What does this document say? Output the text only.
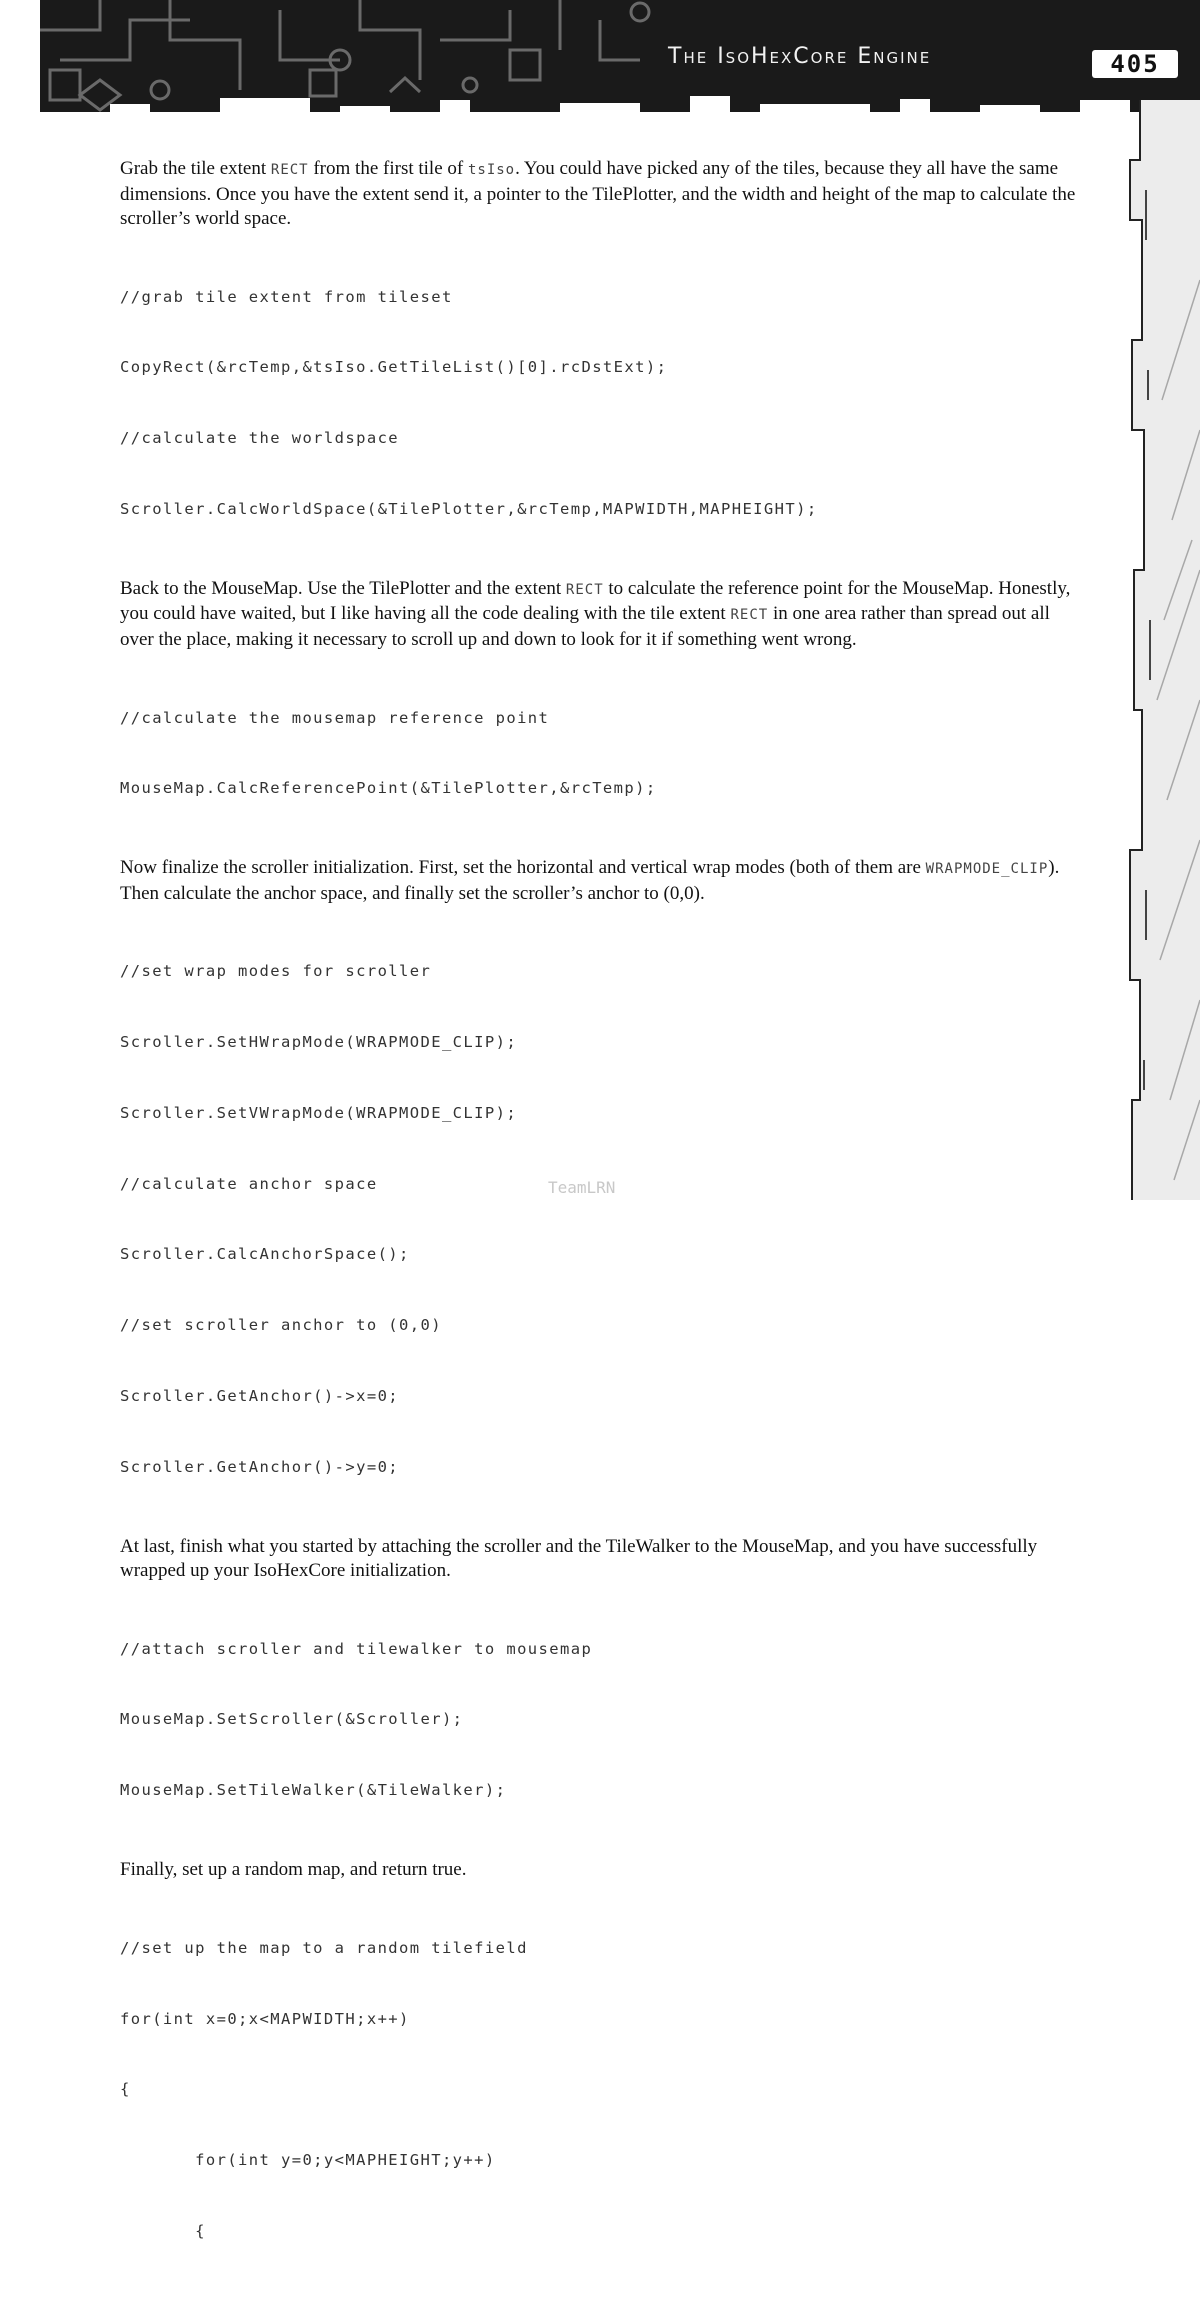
The IsoHexCore Engine	405

Grab the tile extent RECT from the first tile of tsIso. You could have picked any of the tiles, because they all have the same dimensions. Once you have the extent send it, a pointer to the TilePlotter, and the width and height of the map to calculate the scroller’s world space.

//grab tile extent from tileset

CopyRect(&rcTemp,&tsIso.GetTileList()[0].rcDstExt);

//calculate the worldspace

Scroller.CalcWorldSpace(&TilePlotter,&rcTemp,MAPWIDTH,MAPHEIGHT);

Back to the MouseMap. Use the TilePlotter and the extent RECT to calculate the reference point for the MouseMap. Honestly, you could have waited, but I like having all the code dealing with the tile extent RECT in one area rather than spread out all over the place, making it necessary to scroll up and down to look for it if something went wrong.

//calculate the mousemap reference point

MouseMap.CalcReferencePoint(&TilePlotter,&rcTemp);

Now finalize the scroller initialization. First, set the horizontal and vertical wrap modes (both of them are WRAPMODE_CLIP). Then calculate the anchor space, and finally set the scroller’s anchor to (0,0).

//set wrap modes for scroller

Scroller.SetHWrapMode(WRAPMODE_CLIP);

Scroller.SetVWrapMode(WRAPMODE_CLIP);

//calculate anchor space

Scroller.CalcAnchorSpace();

//set scroller anchor to (0,0)

Scroller.GetAnchor()->x=0;

Scroller.GetAnchor()->y=0;

At last, finish what you started by attaching the scroller and the TileWalker to the MouseMap, and you have successfully wrapped up your IsoHexCore initialization.

//attach scroller and tilewalker to mousemap

MouseMap.SetScroller(&Scroller);

MouseMap.SetTileWalker(&TileWalker);

Finally, set up a random map, and return true.

//set up the map to a random tilefield

for(int x=0;x<MAPWIDTH;x++)

{

for(int y=0;y<MAPHEIGHT;y++)

{

TeamLRN
